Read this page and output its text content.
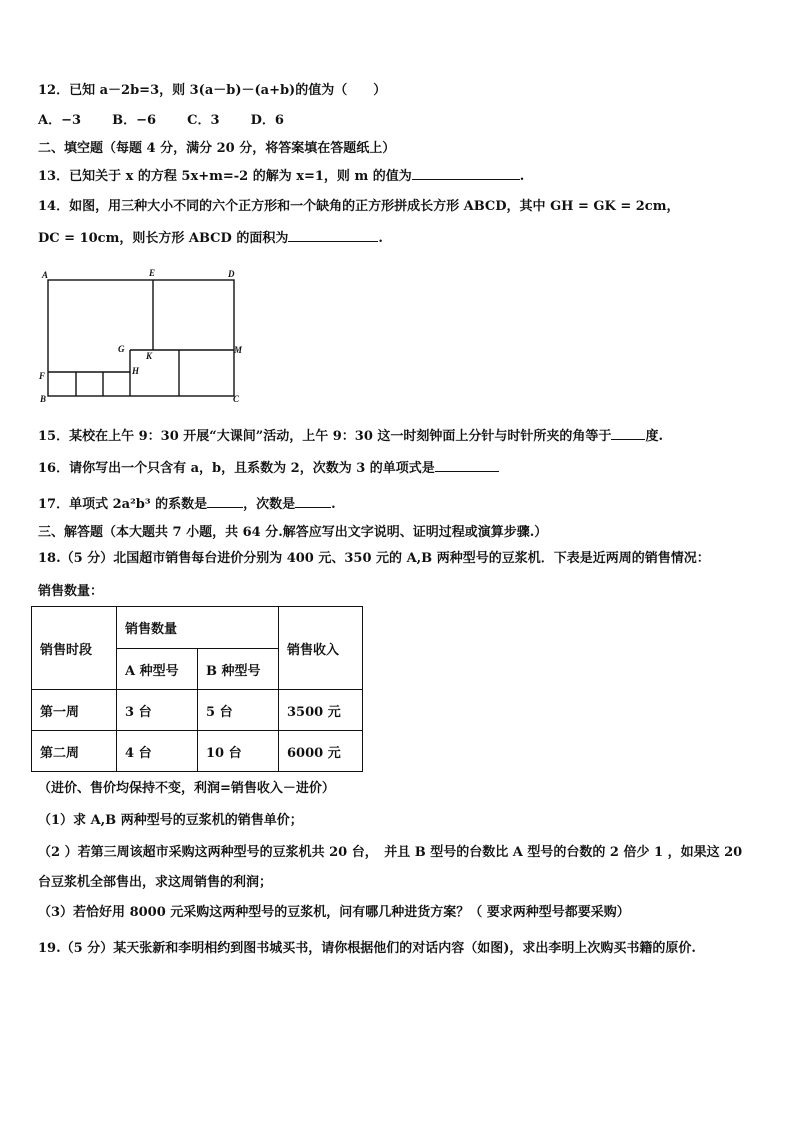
12．已知 a－2b=3，则 3(a－b)－(a+b)的值为（　　）
A．−3 B．−6 C．3 D．6
二、填空题（每题 4 分，满分 20 分，将答案填在答题纸上）
13．已知关于 x 的方程 5x+m=-2 的解为 x=1，则 m 的值为	.
14．如图，用三种大小不同的六个正方形和一个缺角的正方形拼成长方形 ABCD，其中 GH = GK = 2cm，
DC = 10cm，则长方形 ABCD 的面积为	.
A	E	D
G
K
M
H
F
B	C
15．某校在上午 9：30 开展“大课间”活动，上午 9：30 这一时刻钟面上分针与时针所夹的角等于	度.
16．请你写出一个只含有 a，b，且系数为 2，次数为 3 的单项式是
17．单项式 2a²b³ 的系数是	，次数是	.
三、解答题（本大题共 7 小题，共 64 分.解答应写出文字说明、证明过程或演算步骤.）
18.（5 分）北国超市销售每台进价分别为 400 元、350 元的 A,B 两种型号的豆浆机．下表是近两周的销售情况：
销售数量：
销售时段	销售数量		销售收入
	A 种型号	B 种型号	
第一周	3 台	5 台	3500 元
第二周	4 台	10 台	6000 元
（进价、售价均保持不变，利润=销售收入－进价）
（1）求 A,B 两种型号的豆浆机的销售单价；
（2 ）若第三周该超市采购这两种型号的豆浆机共 20 台，　并且 B 型号的台数比 A 型号的台数的 2 倍少 1 ，如果这 20
台豆浆机全部售出，求这周销售的利润；
（3）若恰好用 8000 元采购这两种型号的豆浆机，问有哪几种进货方案？（ 要求两种型号都要采购）
19.（5 分）某天张新和李明相约到图书城买书，请你根据他们的对话内容（如图)，求出李明上次购买书籍的原价.
